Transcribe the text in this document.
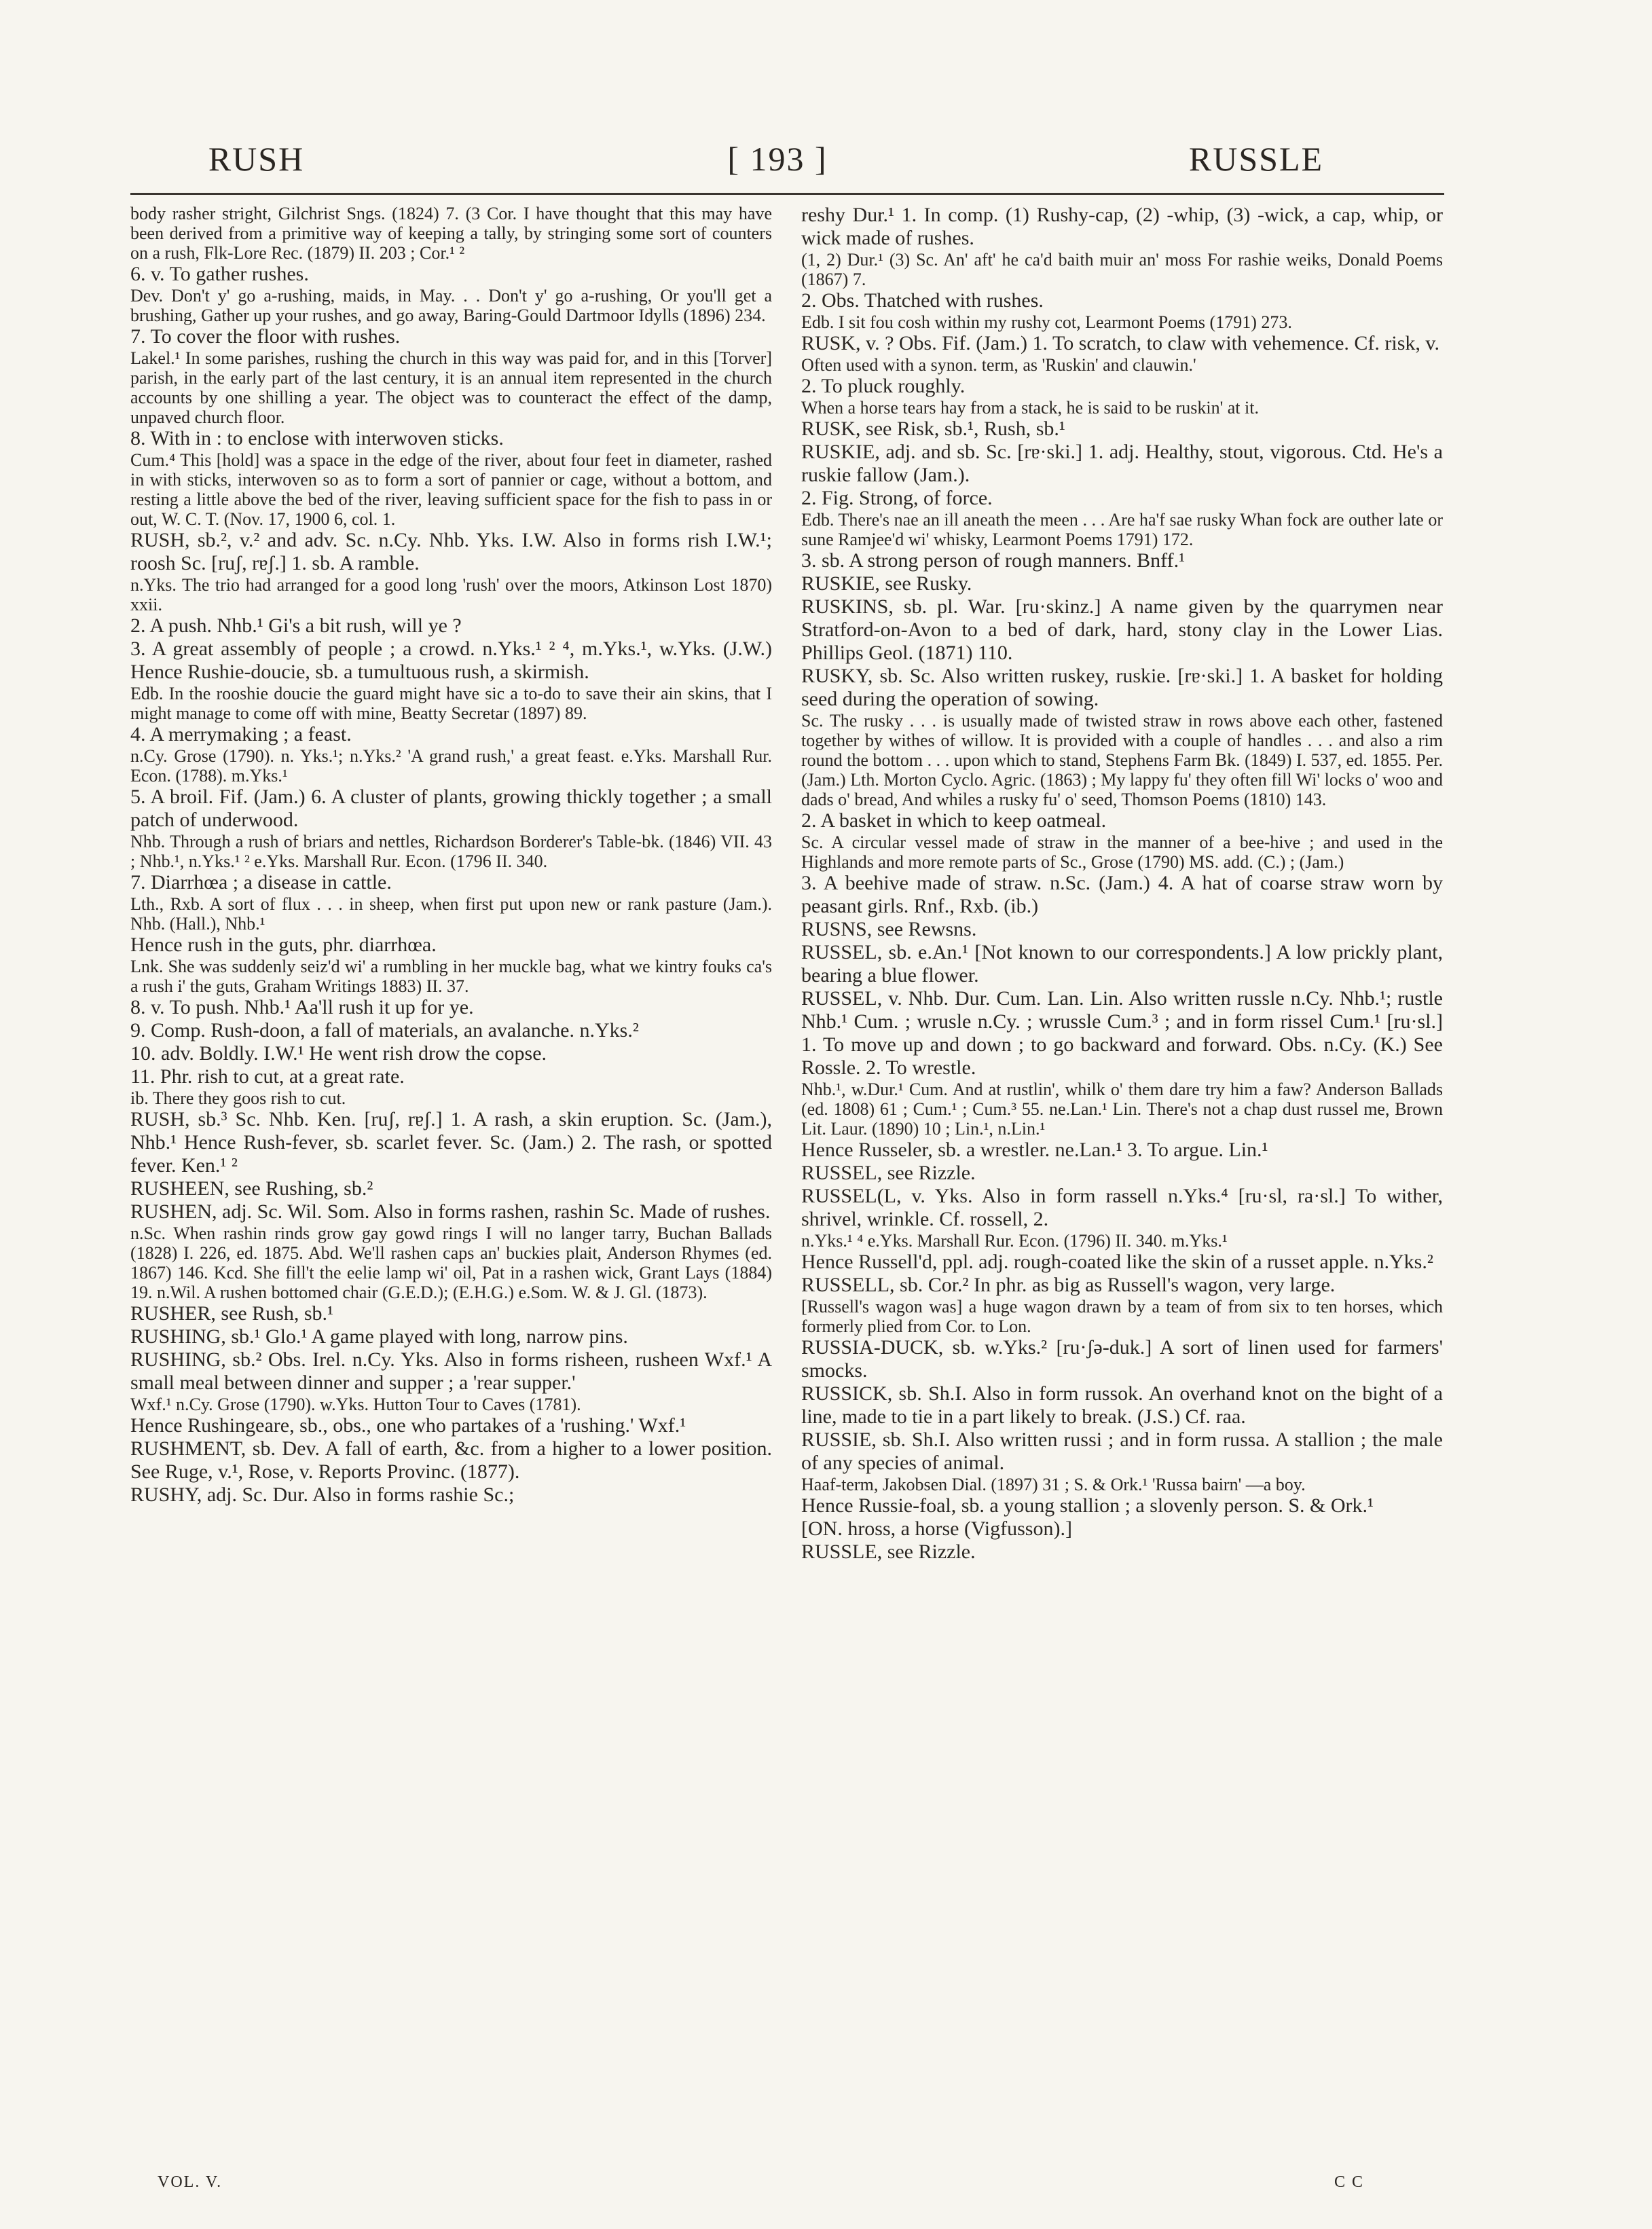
RUSH	[ 193 ]	RUSSLE

body rasher stright, Gilchrist Sngs. (1824) 7. (3 Cor. I have thought that this may have been derived from a primitive way of keeping a tally, by stringing some sort of counters on a rush, Flk-Lore Rec. (1879) II. 203 ; Cor.¹ ²

6. v. To gather rushes.

Dev. Don't y' go a-rushing, maids, in May. . . Don't y' go a-rushing, Or you'll get a brushing, Gather up your rushes, and go away, Baring-Gould Dartmoor Idylls (1896) 234.

7. To cover the floor with rushes.

Lakel.¹ In some parishes, rushing the church in this way was paid for, and in this [Torver] parish, in the early part of the last century, it is an annual item represented in the church accounts by one shilling a year. The object was to counteract the effect of the damp, unpaved church floor.

8. With in : to enclose with interwoven sticks.

Cum.⁴ This [hold] was a space in the edge of the river, about four feet in diameter, rashed in with sticks, interwoven so as to form a sort of pannier or cage, without a bottom, and resting a little above the bed of the river, leaving sufficient space for the fish to pass in or out, W. C. T. (Nov. 17, 1900 6, col. 1.

RUSH, sb.², v.² and adv. Sc. n.Cy. Nhb. Yks. I.W. Also in forms rish I.W.¹; roosh Sc. [ruʃ, rɐʃ.] 1. sb. A ramble.

n.Yks. The trio had arranged for a good long 'rush' over the moors, Atkinson Lost 1870) xxii.

2. A push. Nhb.¹ Gi's a bit rush, will ye ?

3. A great assembly of people ; a crowd. n.Yks.¹ ² ⁴, m.Yks.¹, w.Yks. (J.W.) Hence Rushie-doucie, sb. a tumultuous rush, a skirmish.

Edb. In the rooshie doucie the guard might have sic a to-do to save their ain skins, that I might manage to come off with mine, Beatty Secretar (1897) 89.

4. A merrymaking ; a feast.

n.Cy. Grose (1790). n. Yks.¹; n.Yks.² 'A grand rush,' a great feast. e.Yks. Marshall Rur. Econ. (1788). m.Yks.¹

5. A broil. Fif. (Jam.) 6. A cluster of plants, growing thickly together ; a small patch of underwood.

Nhb. Through a rush of briars and nettles, Richardson Borderer's Table-bk. (1846) VII. 43 ; Nhb.¹, n.Yks.¹ ² e.Yks. Marshall Rur. Econ. (1796 II. 340.

7. Diarrhœa ; a disease in cattle.

Lth., Rxb. A sort of flux . . . in sheep, when first put upon new or rank pasture (Jam.). Nhb. (Hall.), Nhb.¹

Hence rush in the guts, phr. diarrhœa.

Lnk. She was suddenly seiz'd wi' a rumbling in her muckle bag, what we kintry fouks ca's a rush i' the guts, Graham Writings 1883) II. 37.

8. v. To push. Nhb.¹ Aa'll rush it up for ye.

9. Comp. Rush-doon, a fall of materials, an avalanche. n.Yks.²

10. adv. Boldly. I.W.¹ He went rish drow the copse.

11. Phr. rish to cut, at a great rate.

ib. There they goos rish to cut.

RUSH, sb.³ Sc. Nhb. Ken. [ruʃ, rɐʃ.] 1. A rash, a skin eruption. Sc. (Jam.), Nhb.¹ Hence Rush-fever, sb. scarlet fever. Sc. (Jam.) 2. The rash, or spotted fever. Ken.¹ ²

RUSHEEN, see Rushing, sb.²

RUSHEN, adj. Sc. Wil. Som. Also in forms rashen, rashin Sc. Made of rushes.

n.Sc. When rashin rinds grow gay gowd rings I will no langer tarry, Buchan Ballads (1828) I. 226, ed. 1875. Abd. We'll rashen caps an' buckies plait, Anderson Rhymes (ed. 1867) 146. Kcd. She fill't the eelie lamp wi' oil, Pat in a rashen wick, Grant Lays (1884) 19. n.Wil. A rushen bottomed chair (G.E.D.); (E.H.G.) e.Som. W. & J. Gl. (1873).

RUSHER, see Rush, sb.¹

RUSHING, sb.¹ Glo.¹ A game played with long, narrow pins.

RUSHING, sb.² Obs. Irel. n.Cy. Yks. Also in forms risheen, rusheen Wxf.¹ A small meal between dinner and supper ; a 'rear supper.'

Wxf.¹ n.Cy. Grose (1790). w.Yks. Hutton Tour to Caves (1781).

Hence Rushingeare, sb., obs., one who partakes of a 'rushing.' Wxf.¹

RUSHMENT, sb. Dev. A fall of earth, &c. from a higher to a lower position. See Ruge, v.¹, Rose, v. Reports Provinc. (1877).

RUSHY, adj. Sc. Dur. Also in forms rashie Sc.;

reshy Dur.¹ 1. In comp. (1) Rushy-cap, (2) -whip, (3) -wick, a cap, whip, or wick made of rushes.

(1, 2) Dur.¹ (3) Sc. An' aft' he ca'd baith muir an' moss For rashie weiks, Donald Poems (1867) 7.

2. Obs. Thatched with rushes.

Edb. I sit fou cosh within my rushy cot, Learmont Poems (1791) 273.

RUSK, v. ? Obs. Fif. (Jam.) 1. To scratch, to claw with vehemence. Cf. risk, v.

Often used with a synon. term, as 'Ruskin' and clauwin.'

2. To pluck roughly.

When a horse tears hay from a stack, he is said to be ruskin' at it.

RUSK, see Risk, sb.¹, Rush, sb.¹

RUSKIE, adj. and sb. Sc. [rɐ·ski.] 1. adj. Healthy, stout, vigorous. Ctd. He's a ruskie fallow (Jam.).

2. Fig. Strong, of force.

Edb. There's nae an ill aneath the meen . . . Are ha'f sae rusky Whan fock are outher late or sune Ramjee'd wi' whisky, Learmont Poems 1791) 172.

3. sb. A strong person of rough manners. Bnff.¹

RUSKIE, see Rusky.

RUSKINS, sb. pl. War. [ru·skinz.] A name given by the quarrymen near Stratford-on-Avon to a bed of dark, hard, stony clay in the Lower Lias. Phillips Geol. (1871) 110.

RUSKY, sb. Sc. Also written ruskey, ruskie. [rɐ·ski.] 1. A basket for holding seed during the operation of sowing.

Sc. The rusky . . . is usually made of twisted straw in rows above each other, fastened together by withes of willow. It is provided with a couple of handles . . . and also a rim round the bottom . . . upon which to stand, Stephens Farm Bk. (1849) I. 537, ed. 1855. Per. (Jam.) Lth. Morton Cyclo. Agric. (1863) ; My lappy fu' they often fill Wi' locks o' woo and dads o' bread, And whiles a rusky fu' o' seed, Thomson Poems (1810) 143.

2. A basket in which to keep oatmeal.

Sc. A circular vessel made of straw in the manner of a bee-hive ; and used in the Highlands and more remote parts of Sc., Grose (1790) MS. add. (C.) ; (Jam.)

3. A beehive made of straw. n.Sc. (Jam.) 4. A hat of coarse straw worn by peasant girls. Rnf., Rxb. (ib.)

RUSNS, see Rewsns.

RUSSEL, sb. e.An.¹ [Not known to our correspondents.] A low prickly plant, bearing a blue flower.

RUSSEL, v. Nhb. Dur. Cum. Lan. Lin. Also written russle n.Cy. Nhb.¹; rustle Nhb.¹ Cum. ; wrusle n.Cy. ; wrussle Cum.³ ; and in form rissel Cum.¹ [ru·sl.] 1. To move up and down ; to go backward and forward. Obs. n.Cy. (K.) See Rossle. 2. To wrestle.

Nhb.¹, w.Dur.¹ Cum. And at rustlin', whilk o' them dare try him a faw? Anderson Ballads (ed. 1808) 61 ; Cum.¹ ; Cum.³ 55. ne.Lan.¹ Lin. There's not a chap dust russel me, Brown Lit. Laur. (1890) 10 ; Lin.¹, n.Lin.¹

Hence Russeler, sb. a wrestler. ne.Lan.¹ 3. To argue. Lin.¹

RUSSEL, see Rizzle.

RUSSEL(L, v. Yks. Also in form rassell n.Yks.⁴ [ru·sl, ra·sl.] To wither, shrivel, wrinkle. Cf. rossell, 2.

n.Yks.¹ ⁴ e.Yks. Marshall Rur. Econ. (1796) II. 340. m.Yks.¹

Hence Russell'd, ppl. adj. rough-coated like the skin of a russet apple. n.Yks.²

RUSSELL, sb. Cor.² In phr. as big as Russell's wagon, very large.

[Russell's wagon was] a huge wagon drawn by a team of from six to ten horses, which formerly plied from Cor. to Lon.

RUSSIA-DUCK, sb. w.Yks.² [ru·ʃə-duk.] A sort of linen used for farmers' smocks.

RUSSICK, sb. Sh.I. Also in form russok. An overhand knot on the bight of a line, made to tie in a part likely to break. (J.S.) Cf. raa.

RUSSIE, sb. Sh.I. Also written russi ; and in form russa. A stallion ; the male of any species of animal.

Haaf-term, Jakobsen Dial. (1897) 31 ; S. & Ork.¹ 'Russa bairn' —a boy.

Hence Russie-foal, sb. a young stallion ; a slovenly person. S. & Ork.¹

[ON. hross, a horse (Vigfusson).]

RUSSLE, see Rizzle.

VOL. V.	C C
